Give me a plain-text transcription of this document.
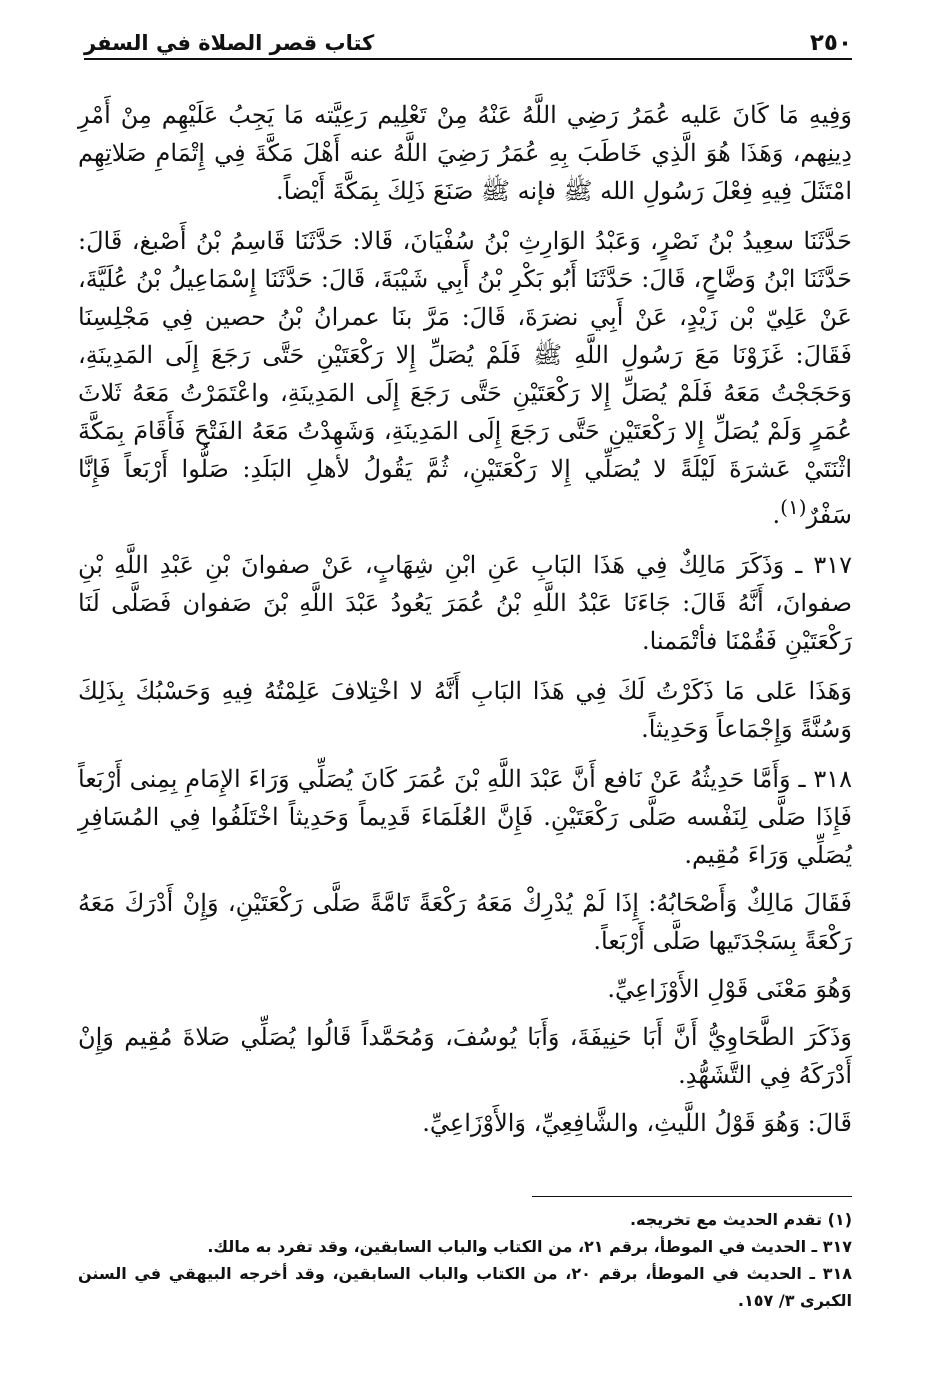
٢٥٠
كتاب قصر الصلاة في السفر

وَفِيهِ مَا كَانَ عَليه عُمَرُ رَضِي اللَّهُ عَنْهُ مِنْ تَعْلِيم رَعِيَّته مَا يَجِبُ عَلَيْهِم مِنْ أَمْرِ دِينِهم، وَهَذَا هُوَ الَّذِي خَاطَبَ بِهِ عُمَرُ رَضِيَ اللَّهُ عنه أَهْلَ مَكَّةَ فِي إِتْمَامِ صَلاتِهِم امْتَثَلَ فِيهِ فِعْلَ رَسُولِ الله ﷺ فإنه ﷺ صَنَعَ ذَلِكَ بِمَكَّةَ أَيْضاً.

حَدَّثَنَا سعِيدُ بْنُ نَصْرٍ، وَعَبْدُ الوَارِثِ بْنُ سُفْيَانَ، قَالا: حَدَّثَنَا قَاسِمُ بْنُ أَصْبغ، قَالَ: حَدَّثَنَا ابْنُ وَضَّاحٍ، قَالَ: حَدَّثَنَا أَبُو بَكْرِ بْنُ أَبِي شَيْبَةَ، قَالَ: حَدَّثَنَا إِسْمَاعِيلُ بْنُ عُلَيَّةَ، عَنْ عَلِيّ بْن زَيْدٍ، عَنْ أَبِي نضرَةَ، قَالَ: مَرَّ بنَا عمرانُ بْنُ حصين فِي مَجْلِسِنَا فَقَالَ: غَزَوْنَا مَعَ رَسُولِ اللَّهِ ﷺ فَلَمْ يُصَلِّ إِلا رَكْعَتَيْنِ حَتَّى رَجَعَ إِلَى المَدِينَةِ، وَحَجَجْتُ مَعَهُ فَلَمْ يُصَلِّ إِلا رَكْعَتَيْنِ حَتَّى رَجَعَ إِلَى المَدِينَةِ، واعْتَمَرْتُ مَعَهُ ثَلاثَ عُمَرٍ وَلَمْ يُصَلِّ إِلا رَكْعَتَيْنِ حَتَّى رَجَعَ إِلَى المَدِينَةِ، وَشَهِدْتُ مَعَهُ الفَتْحَ فَأَقَامَ بِمَكَّةَ اثْنَتَيْ عَشرَةَ لَيْلَةً لا يُصَلِّي إِلا رَكْعَتَيْنِ، ثُمَّ يَقُولُ لأهلِ البَلَدِ: صَلُّوا أَرْبَعاً فَإِنَّا سَفْرٌ$^{(١)}$.

٣١٧ ـ وَذَكَرَ مَالِكٌ فِي هَذَا البَابِ عَنِ ابْنِ شِهَابٍ، عَنْ صفوانَ بْنِ عَبْدِ اللَّهِ بْنِ صفوانَ، أَنَّهُ قَالَ: جَاءَنَا عَبْدُ اللَّهِ بْنُ عُمَرَ يَعُودُ عَبْدَ اللَّهِ بْنَ صَفوان فَصَلَّى لَنَا رَكْعَتَيْنِ فَقُمْنَا فأتْمَمنا.

وَهَذَا عَلى مَا ذَكَرْتُ لَكَ فِي هَذَا البَابِ أَنَّهُ لا اخْتِلافَ عَلِمْتُهُ فِيهِ وَحَسْبُكَ بِذَلِكَ وَسُنَّةً وَإِجْمَاعاً وَحَدِيثاً.

٣١٨ ـ وَأَمَّا حَدِيثُهُ عَنْ نَافع أَنَّ عَبْدَ اللَّهِ بْنَ عُمَرَ كَانَ يُصَلِّي وَرَاءَ الإِمَامِ بِمِنى أَرْبَعاً فَإِذَا صَلَّى لِنَفْسه صَلَّى رَكْعَتَيْنِ. فَإِنَّ العُلَمَاءَ قَدِيماً وَحَدِيثاً اخْتَلَفُوا فِي المُسَافِرِ يُصَلِّي وَرَاءَ مُقِيم.

فَقَالَ مَالِكٌ وَأَصْحَابُهُ: إِذَا لَمْ يُدْرِكْ مَعَهُ رَكْعَةً تَامَّةً صَلَّى رَكْعَتَيْنِ، وَإِنْ أَدْرَكَ مَعَهُ رَكْعَةً بِسَجْدَتَيها صَلَّى أَرْبَعاً.

وَهُوَ مَعْنَى قَوْلِ الأَوْزَاعِيِّ.

وَذَكَرَ الطَّحَاوِيُّ أَنَّ أَبَا حَنِيفَةَ، وَأَبَا يُوسُفَ، وَمُحَمَّداً قَالُوا يُصَلِّي صَلاةَ مُقِيم وَإِنْ أَدْرَكَهُ فِي التَّشَهُّدِ.

قَالَ: وَهُوَ قَوْلُ اللَّيثِ، والشَّافِعِيِّ، وَالأَوْزَاعِيِّ.

(١) تقدم الحديث مع تخريجه.

٣١٧ ـ الحديث في الموطأ، برقم ٢١، من الكتاب والباب السابقين، وقد تفرد به مالك.

٣١٨ ـ الحديث في الموطأ، برقم ٢٠، من الكتاب والباب السابقين، وقد أخرجه البيهقي في السنن الكبرى ٣/ ١٥٧.
